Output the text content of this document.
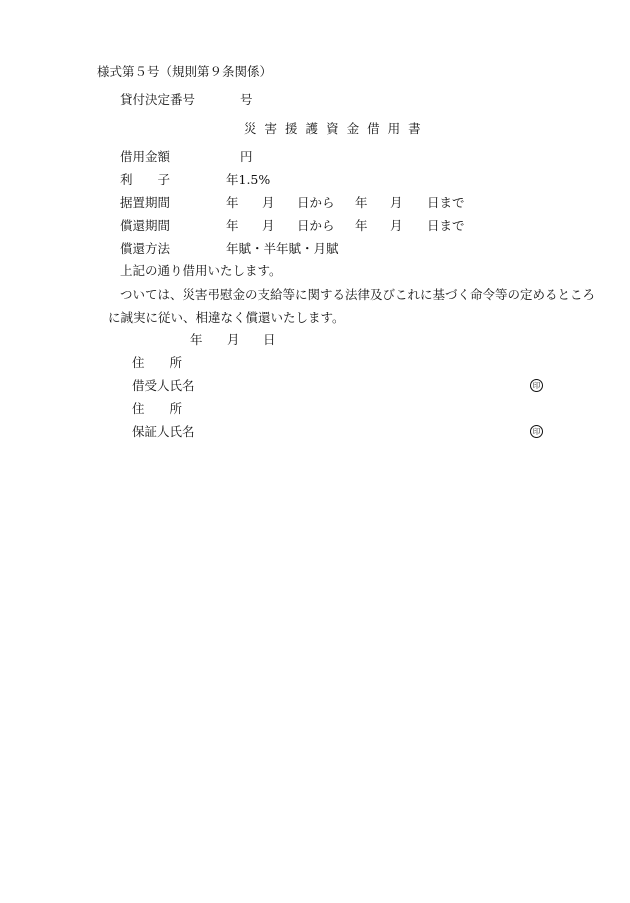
様式第５号（規則第９条関係）
貸付決定番号	号
災 害 援 護 資 金 借 用 書
借用金額	円
利　　子	年1.5%
据置期間	年 月 日から 年 月 日まで
償還期間	年 月 日から 年 月 日まで
償還方法	年賦・半年賦・月賦
上記の通り借用いたします。
ついては、災害弔慰金の支給等に関する法律及びこれに基づく命令等の定めるところ
に誠実に従い、相違なく償還いたします。
年 月 日
住　　所
借受人氏名	印
住　　所
保証人氏名	印
